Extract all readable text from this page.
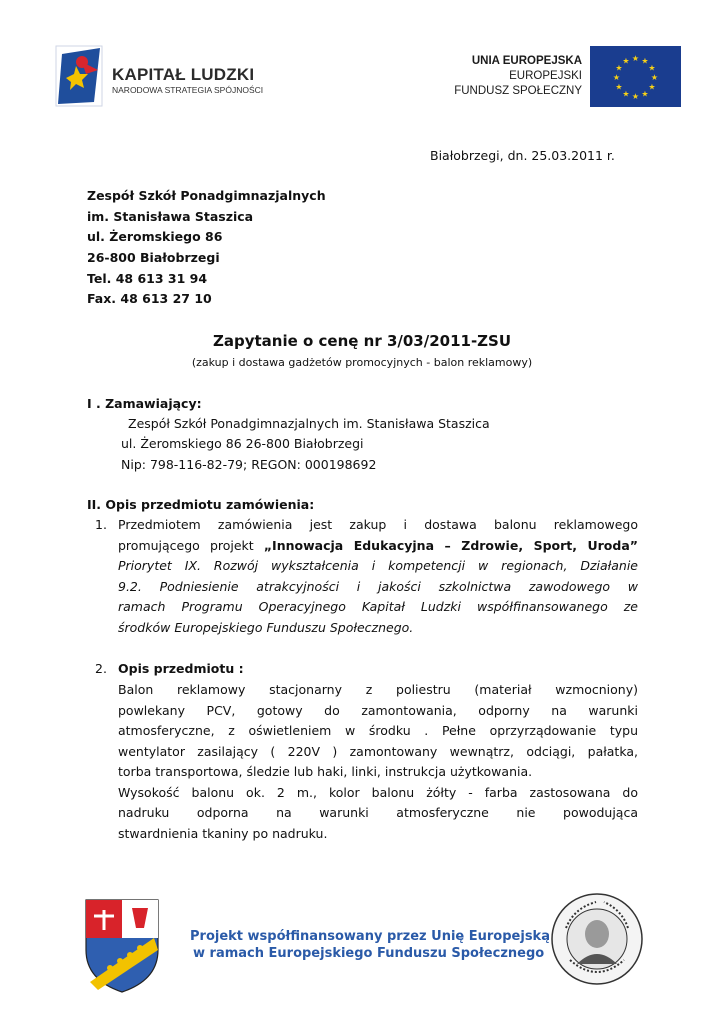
KAPITAŁ LUDZKI
NARODOWA STRATEGIA SPÓJNOŚCI
UNIA EUROPEJSKA
EUROPEJSKI
FUNDUSZ SPOŁECZNY
★ ★
★
★
★
★
★
★
★
★
★
★
Białobrzegi, dn. 25.03.2011 r.
Zespół Szkół Ponadgimnazjalnych
im. Stanisława Staszica
ul. Żeromskiego 86
26-800 Białobrzegi
Tel. 48 613 31 94
Fax. 48 613 27 10
Zapytanie o cenę nr 3/03/2011-ZSU
(zakup i dostawa gadżetów promocyjnych - balon reklamowy)
I . Zamawiający:
Zespół Szkół Ponadgimnazjalnych im. Stanisława Staszica
ul. Żeromskiego 86 26-800 Białobrzegi
Nip: 798-116-82-79; REGON: 000198692
II. Opis przedmiotu zamówienia:
1. Przedmiotem zamówienia jest zakup i dostawa balonu reklamowego
promującego projekt „Innowacja Edukacyjna – Zdrowie, Sport, Uroda”
Priorytet IX. Rozwój wykształcenia i kompetencji w regionach, Działanie
9.2. Podniesienie atrakcyjności i jakości szkolnictwa zawodowego w
ramach Programu Operacyjnego Kapitał Ludzki współfinansowanego ze
środków Europejskiego Funduszu Społecznego.
2. Opis przedmiotu :
Balon reklamowy stacjonarny z poliestru (materiał wzmocniony)
powlekany PCV, gotowy do zamontowania, odporny na warunki
atmosferyczne, z oświetleniem w środku . Pełne oprzyrządowanie typu
wentylator zasilający ( 220V ) zamontowany wewnątrz, odciągi, pałatka,
torba transportowa, śledzie lub haki, linki, instrukcja użytkowania.
Wysokość balonu ok. 2 m., kolor balonu żółty - farba zastosowana do
nadruku odporna na warunki atmosferyczne nie powodująca
stwardnienia tkaniny po nadruku.
Projekt współfinansowany przez Unię Europejską
w ramach Europejskiego Funduszu Społecznego
